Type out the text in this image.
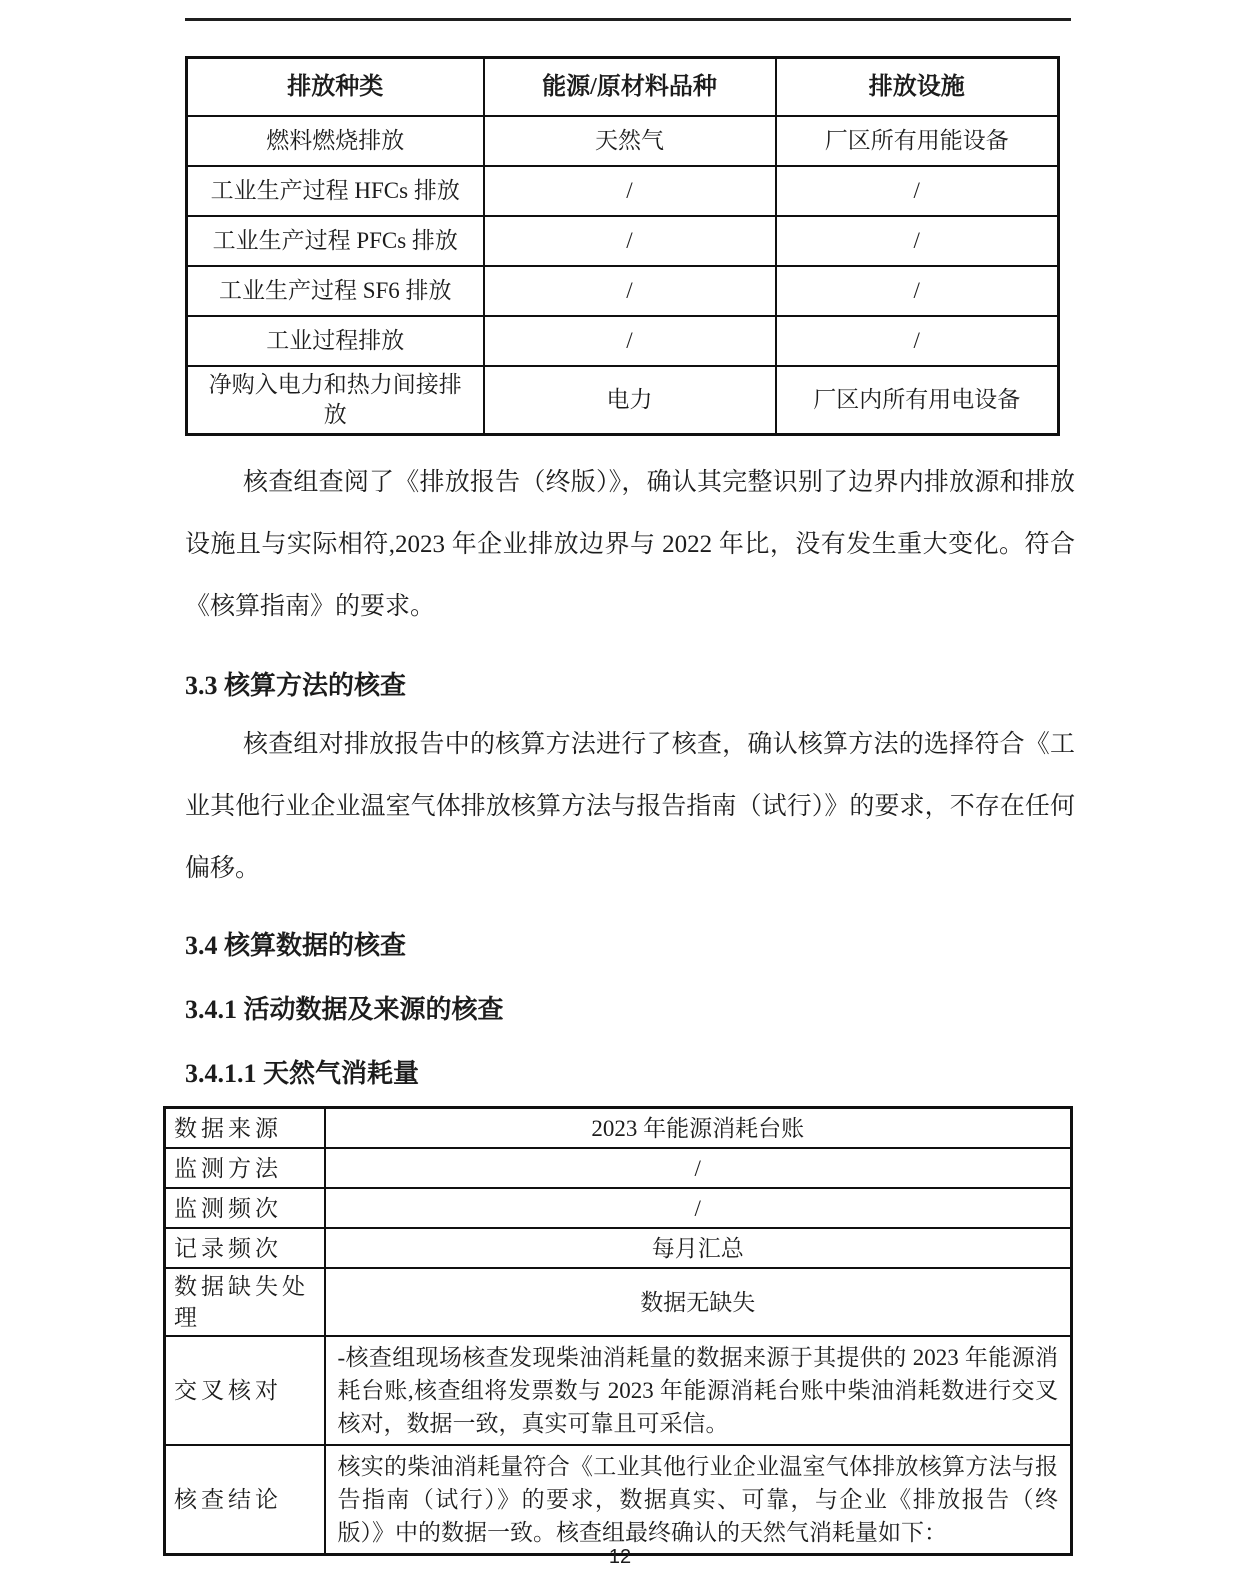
排放种类	能源/原材料品种	排放设施
燃料燃烧排放	天然气	厂区所有用能设备
工业生产过程 HFCs 排放	/	/
工业生产过程 PFCs 排放	/	/
工业生产过程 SF6 排放	/	/
工业过程排放	/	/
净购入电力和热力间接排放	电力	厂区内所有用电设备

核查组查阅了《排放报告（终版）》，确认其完整识别了边界内排放源和排放设施且与实际相符,2023 年企业排放边界与 2022 年比，没有发生重大变化。符合《核算指南》的要求。

3.3 核算方法的核查

核查组对排放报告中的核算方法进行了核查，确认核算方法的选择符合《工业其他行业企业温室气体排放核算方法与报告指南（试行）》的要求，不存在任何偏移。

3.4 核算数据的核查
3.4.1 活动数据及来源的核查
3.4.1.1 天然气消耗量
数据来源	2023 年能源消耗台账
监测方法	/
监测频次	/
记录频次	每月汇总
数据缺失处理	数据无缺失
交叉核对	-核查组现场核查发现柴油消耗量的数据来源于其提供的 2023 年能源消耗台账,核查组将发票数与 2023 年能源消耗台账中柴油消耗数进行交叉核对，数据一致，真实可靠且可采信。
核查结论	核实的柴油消耗量符合《工业其他行业企业温室气体排放核算方法与报告指南（试行）》的要求，数据真实、可靠，与企业《排放报告（终版）》中的数据一致。核查组最终确认的天然气消耗量如下：
12
